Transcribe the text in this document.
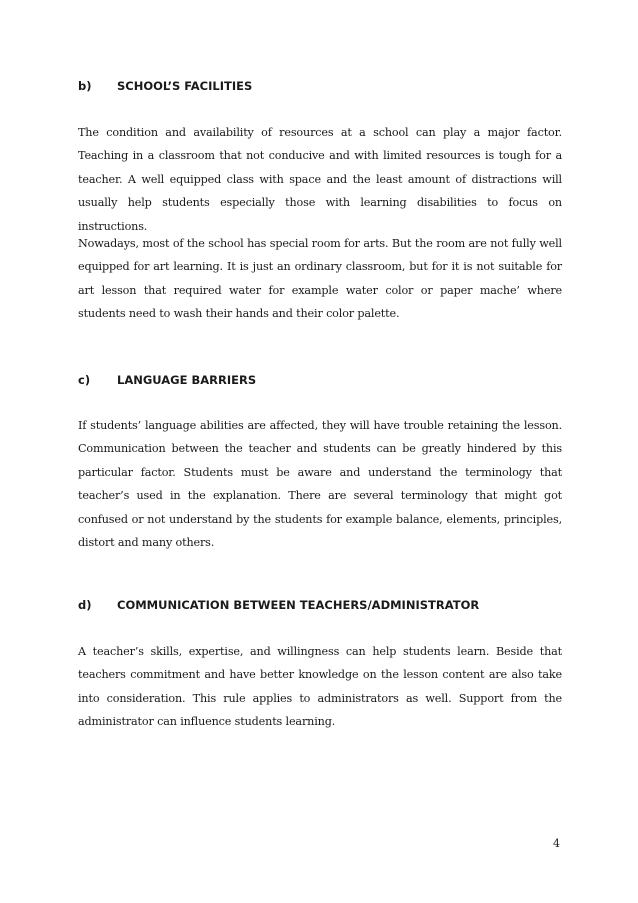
b) SCHOOL’S FACILITIES

The condition and availability of resources at a school can play a major factor. Teaching in a classroom that not conducive and with limited resources is tough for a teacher. A well equipped class with space and the least amount of distractions will usually help students especially those with learning disabilities to focus on instructions.

Nowadays, most of the school has special room for arts. But the room are not fully well equipped for art learning. It is just an ordinary classroom, but for it is not suitable for art lesson that required water for example water color or paper mache’ where students need to wash their hands and their color palette.

c) LANGUAGE BARRIERS

If students’ language abilities are affected, they will have trouble retaining the lesson. Communication between the teacher and students can be greatly hindered by this particular factor. Students must be aware and understand the terminology that teacher’s used in the explanation. There are several terminology that might got confused or not understand by the students for example balance, elements, principles, distort and many others.

d) COMMUNICATION BETWEEN TEACHERS/ADMINISTRATOR

A teacher’s skills, expertise, and willingness can help students learn. Beside that teachers commitment and have better knowledge on the lesson content are also take into consideration. This rule applies to administrators as well. Support from the administrator can influence students learning.

4
